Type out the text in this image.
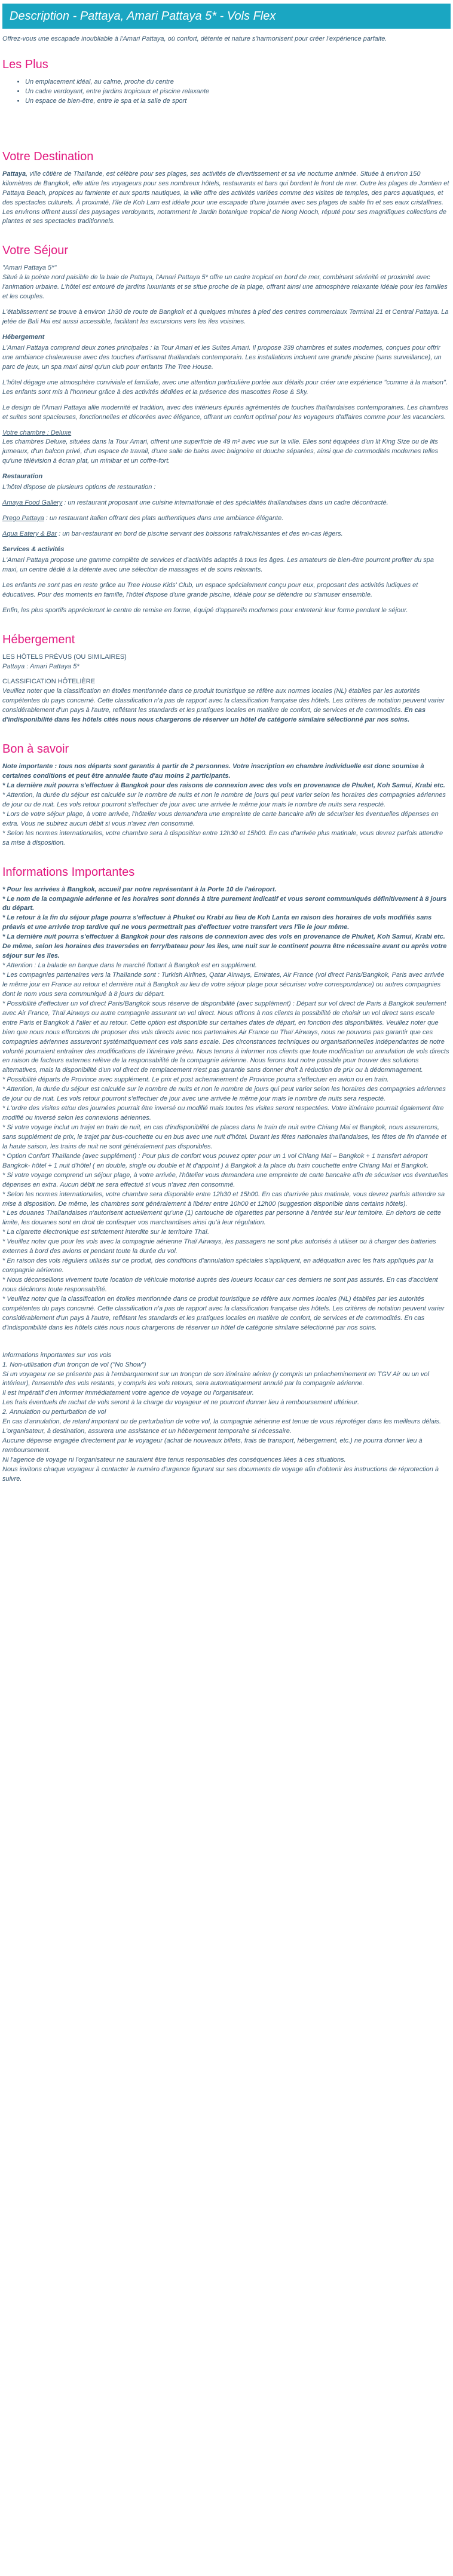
Description - Pattaya, Amari Pattaya 5* - Vols Flex

Offrez-vous une escapade inoubliable à l'Amari Pattaya, où confort, détente et nature s'harmonisent pour créer l'expérience parfaite.

Les Plus
• Un emplacement idéal, au calme, proche du centre
• Un cadre verdoyant, entre jardins tropicaux et piscine relaxante
• Un espace de bien-être, entre le spa et la salle de sport
Votre Destination

Pattaya, ville côtière de Thaïlande, est célèbre pour ses plages, ses activités de divertissement et sa vie nocturne animée. Située à environ 150 kilomètres de Bangkok, elle attire les voyageurs pour ses nombreux hôtels, restaurants et bars qui bordent le front de mer. Outre les plages de Jomtien et Pattaya Beach, propices au farniente et aux sports nautiques, la ville offre des activités variées comme des visites de temples, des parcs aquatiques, et des spectacles culturels. À proximité, l'île de Koh Larn est idéale pour une escapade d'une journée avec ses plages de sable fin et ses eaux cristallines. Les environs offrent aussi des paysages verdoyants, notamment le Jardin botanique tropical de Nong Nooch, réputé pour ses magnifiques collections de plantes et ses spectacles traditionnels.

Votre Séjour

"Amari Pattaya 5*"

Situé à la pointe nord paisible de la baie de Pattaya, l'Amari Pattaya 5* offre un cadre tropical en bord de mer, combinant sérénité et proximité avec l'animation urbaine. L'hôtel est entouré de jardins luxuriants et se situe proche de la plage, offrant ainsi une atmosphère relaxante idéale pour les familles et les couples.

L'établissement se trouve à environ 1h30 de route de Bangkok et à quelques minutes à pied des centres commerciaux Terminal 21 et Central Pattaya. La jetée de Bali Hai est aussi accessible, facilitant les excursions vers les îles voisines.

Hébergement

L'Amari Pattaya comprend deux zones principales : la Tour Amari et les Suites Amari. Il propose 339 chambres et suites modernes, conçues pour offrir une ambiance chaleureuse avec des touches d'artisanat thaïlandais contemporain. Les installations incluent une grande piscine (sans surveillance), un parc de jeux, un spa maxi ainsi qu'un club pour enfants The Tree House.

L'hôtel dégage une atmosphère conviviale et familiale, avec une attention particulière portée aux détails pour créer une expérience "comme à la maison". Les enfants sont mis à l'honneur grâce à des activités dédiées et la présence des mascottes Rose & Sky.

Le design de l'Amari Pattaya allie modernité et tradition, avec des intérieurs épurés agrémentés de touches thaïlandaises contemporaines. Les chambres et suites sont spacieuses, fonctionnelles et décorées avec élégance, offrant un confort optimal pour les voyageurs d'affaires comme pour les vacanciers.

Votre chambre : Deluxe

Les chambres Deluxe, situées dans la Tour Amari, offrent une superficie de 49 m² avec vue sur la ville. Elles sont équipées d'un lit King Size ou de lits jumeaux, d'un balcon privé, d'un espace de travail, d'une salle de bains avec baignoire et douche séparées, ainsi que de commodités modernes telles qu'une télévision à écran plat, un minibar et un coffre-fort.

Restauration

L'hôtel dispose de plusieurs options de restauration :

Amaya Food Gallery : un restaurant proposant une cuisine internationale et des spécialités thaïlandaises dans un cadre décontracté.

Prego Pattaya : un restaurant italien offrant des plats authentiques dans une ambiance élégante.

Aqua Eatery & Bar : un bar-restaurant en bord de piscine servant des boissons rafraîchissantes et des en-cas légers.

Services & activités

L'Amari Pattaya propose une gamme complète de services et d'activités adaptés à tous les âges. Les amateurs de bien-être pourront profiter du spa maxi, un centre dédié à la détente avec une sélection de massages et de soins relaxants.

Les enfants ne sont pas en reste grâce au Tree House Kids' Club, un espace spécialement conçu pour eux, proposant des activités ludiques et éducatives. Pour des moments en famille, l'hôtel dispose d'une grande piscine, idéale pour se détendre ou s'amuser ensemble.

Enfin, les plus sportifs apprécieront le centre de remise en forme, équipé d'appareils modernes pour entretenir leur forme pendant le séjour.

Hébergement

LES HÔTELS PRÉVUS (OU SIMILAIRES)

Pattaya : Amari Pattaya 5*

CLASSIFICATION HÔTELIÈRE

Veuillez noter que la classification en étoiles mentionnée dans ce produit touristique se réfère aux normes locales (NL) établies par les autorités compétentes du pays concerné. Cette classification n'a pas de rapport avec la classification française des hôtels. Les critères de notation peuvent varier considérablement d'un pays à l'autre, reflétant les standards et les pratiques locales en matière de confort, de services et de commodités. En cas d'indisponibilité dans les hôtels cités nous nous chargerons de réserver un hôtel de catégorie similaire sélectionné par nos soins.

Bon à savoir

Note importante : tous nos départs sont garantis à partir de 2 personnes. Votre inscription en chambre individuelle est donc soumise à certaines conditions et peut être annulée faute d'au moins 2 participants.

* La dernière nuit pourra s'effectuer à Bangkok pour des raisons de connexion avec des vols en provenance de Phuket, Koh Samui, Krabi etc.

* Attention, la durée du séjour est calculée sur le nombre de nuits et non le nombre de jours qui peut varier selon les horaires des compagnies aériennes de jour ou de nuit. Les vols retour pourront s'effectuer de jour avec une arrivée le même jour mais le nombre de nuits sera respecté.

* Lors de votre séjour plage, à votre arrivée, l'hôtelier vous demandera une empreinte de carte bancaire afin de sécuriser les éventuelles dépenses en extra. Vous ne subirez aucun débit si vous n'avez rien consommé.

* Selon les normes internationales, votre chambre sera à disposition entre 12h30 et 15h00. En cas d'arrivée plus matinale, vous devrez parfois attendre sa mise à disposition.

Informations Importantes

* Pour les arrivées à Bangkok, accueil par notre représentant à la Porte 10 de l'aéroport.

* Le nom de la compagnie aérienne et les horaires sont donnés à titre purement indicatif et vous seront communiqués définitivement à 8 jours du départ.

* Le retour à la fin du séjour plage pourra s'effectuer à Phuket ou Krabi au lieu de Koh Lanta en raison des horaires de vols modifiés sans préavis et une arrivée trop tardive qui ne vous permettrait pas d'effectuer votre transfert vers l'île le jour même.

* La dernière nuit pourra s'effectuer à Bangkok pour des raisons de connexion avec des vols en provenance de Phuket, Koh Samui, Krabi etc. De même, selon les horaires des traversées en ferry/bateau pour les îles, une nuit sur le continent pourra être nécessaire avant ou après votre séjour sur les îles.

* Attention : La balade en barque dans le marché flottant à Bangkok est en supplément.

* Les compagnies partenaires vers la Thaïlande sont : Turkish Airlines, Qatar Airways, Emirates, Air France (vol direct Paris/Bangkok, Paris avec arrivée le même jour en France au retour et dernière nuit à Bangkok au lieu de votre séjour plage pour sécuriser votre correspondance) ou autres compagnies dont le nom vous sera communiqué à 8 jours du départ.

* Possibilité d'effectuer un vol direct Paris/Bangkok sous réserve de disponibilité (avec supplément) : Départ sur vol direct de Paris à Bangkok seulement avec Air France, Thaï Airways ou autre compagnie assurant un vol direct. Nous offrons à nos clients la possibilité de choisir un vol direct sans escale entre Paris et Bangkok à l'aller et au retour. Cette option est disponible sur certaines dates de départ, en fonction des disponibilités. Veuillez noter que bien que nous nous efforcions de proposer des vols directs avec nos partenaires Air France ou Thaï Airways, nous ne pouvons pas garantir que ces compagnies aériennes assureront systématiquement ces vols sans escale. Des circonstances techniques ou organisationnelles indépendantes de notre volonté pourraient entraîner des modifications de l'itinéraire prévu. Nous tenons à informer nos clients que toute modification ou annulation de vols directs en raison de facteurs externes relève de la responsabilité de la compagnie aérienne. Nous ferons tout notre possible pour trouver des solutions alternatives, mais la disponibilité d'un vol direct de remplacement n'est pas garantie sans donner droit à réduction de prix ou à dédommagement.

* Possibilité départs de Province avec supplément. Le prix et post acheminement de Province pourra s'effectuer en avion ou en train.

* Attention, la durée du séjour est calculée sur le nombre de nuits et non le nombre de jours qui peut varier selon les horaires des compagnies aériennes de jour ou de nuit. Les vols retour pourront s'effectuer de jour avec une arrivée le même jour mais le nombre de nuits sera respecté.

* L'ordre des visites et/ou des journées pourrait être inversé ou modifié mais toutes les visites seront respectées. Votre itinéraire pourrait également être modifié ou inversé selon les connexions aériennes.

* Si votre voyage inclut un trajet en train de nuit, en cas d'indisponibilité de places dans le train de nuit entre Chiang Mai et Bangkok, nous assurerons, sans supplément de prix, le trajet par bus-couchette ou en bus avec une nuit d'hôtel. Durant les fêtes nationales thaïlandaises, les fêtes de fin d'année et la haute saison, les trains de nuit ne sont généralement pas disponibles.

* Option Confort Thaïlande (avec supplément) : Pour plus de confort vous pouvez opter pour un 1 vol Chiang Mai – Bangkok + 1 transfert aéroport Bangkok- hôtel + 1 nuit d'hôtel ( en double, single ou double et lit d'appoint ) à Bangkok à la place du train couchette entre Chiang Mai et Bangkok.

* Si votre voyage comprend un séjour plage, à votre arrivée, l'hôtelier vous demandera une empreinte de carte bancaire afin de sécuriser vos éventuelles dépenses en extra. Aucun débit ne sera effectué si vous n'avez rien consommé.

* Selon les normes internationales, votre chambre sera disponible entre 12h30 et 15h00. En cas d'arrivée plus matinale, vous devrez parfois attendre sa mise à disposition. De même, les chambres sont généralement à libérer entre 10h00 et 12h00 (suggestion disponible dans certains hôtels).

* Les douanes Thaïlandaises n'autorisent actuellement qu'une (1) cartouche de cigarettes par personne à l'entrée sur leur territoire. En dehors de cette limite, les douanes sont en droit de confisquer vos marchandises ainsi qu'à leur régulation.

* La cigarette électronique est strictement interdite sur le territoire Thaï.

* Veuillez noter que pour les vols avec la compagnie aérienne Thaï Airways, les passagers ne sont plus autorisés à utiliser ou à charger des batteries externes à bord des avions et pendant toute la durée du vol.

* En raison des vols réguliers utilisés sur ce produit, des conditions d'annulation spéciales s'appliquent, en adéquation avec les frais appliqués par la compagnie aérienne.

* Nous déconseillons vivement toute location de véhicule motorisé auprès des loueurs locaux car ces derniers ne sont pas assurés. En cas d'accident nous déclinons toute responsabilité.

* Veuillez noter que la classification en étoiles mentionnée dans ce produit touristique se réfère aux normes locales (NL) établies par les autorités compétentes du pays concerné. Cette classification n'a pas de rapport avec la classification française des hôtels. Les critères de notation peuvent varier considérablement d'un pays à l'autre, reflétant les standards et les pratiques locales en matière de confort, de services et de commodités. En cas d'indisponibilité dans les hôtels cités nous nous chargerons de réserver un hôtel de catégorie similaire sélectionné par nos soins.

Informations importantes sur vos vols

1. Non-utilisation d'un tronçon de vol ("No Show")

Si un voyageur ne se présente pas à l'embarquement sur un tronçon de son itinéraire aérien (y compris un préacheminement en TGV Air ou un vol intérieur), l'ensemble des vols restants, y compris les vols retours, sera automatiquement annulé par la compagnie aérienne.

Il est impératif d'en informer immédiatement votre agence de voyage ou l'organisateur.

Les frais éventuels de rachat de vols seront à la charge du voyageur et ne pourront donner lieu à remboursement ultérieur.

2. Annulation ou perturbation de vol

En cas d'annulation, de retard important ou de perturbation de votre vol, la compagnie aérienne est tenue de vous réprotéger dans les meilleurs délais.

L'organisateur, à destination, assurera une assistance et un hébergement temporaire si nécessaire.

Aucune dépense engagée directement par le voyageur (achat de nouveaux billets, frais de transport, hébergement, etc.) ne pourra donner lieu à remboursement.

Ni l'agence de voyage ni l'organisateur ne sauraient être tenus responsables des conséquences liées à ces situations.

Nous invitons chaque voyageur à contacter le numéro d'urgence figurant sur ses documents de voyage afin d'obtenir les instructions de réprotection à suivre.
